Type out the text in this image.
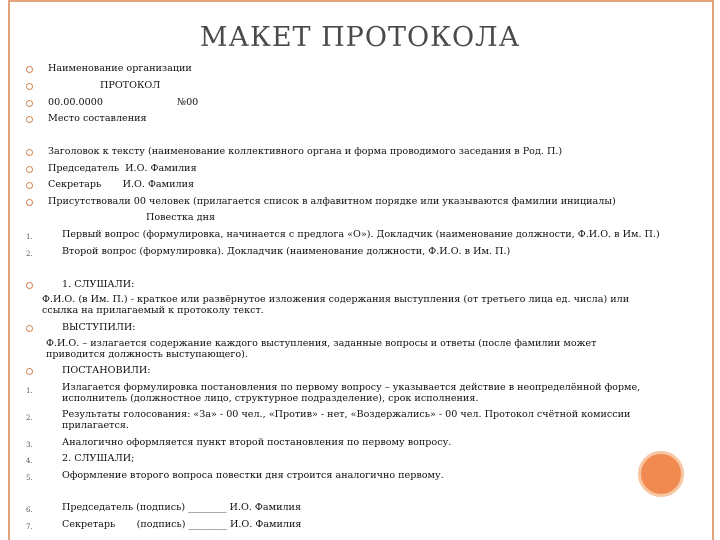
МАКЕТ ПРОТОКОЛА
Наименование организации
ПРОТОКОЛ
00.00.0000	№00
Место составления
Заголовок к тексту (наименование коллективного органа и форма проводимого заседания в Род. П.)
Председатель  И.О. Фамилия
Секретарь       И.О. Фамилия
Присутствовали 00 человек (прилагается список в алфавитном порядке или указываются фамилии инициалы)
Повестка дня
1.	Первый вопрос (формулировка, начинается с предлога «О»). Докладчик (наименование должности, Ф.И.О. в Им. П.)
2.	Второй вопрос (формулировка). Докладчик (наименование должности, Ф.И.О. в Им. П.)
1. СЛУШАЛИ:
Ф.И.О. (в Им. П.) - краткое или развёрнутое изложения содержания выступления (от третьего лица ед. числа) или ссылка на прилагаемый к протоколу текст.
ВЫСТУПИЛИ:
Ф.И.О. – излагается содержание каждого выступления, заданные вопросы и ответы (после фамилии может приводится должность выступающего).
ПОСТАНОВИЛИ:
1.	Излагается формулировка постановления по первому вопросу – указывается действие в неопределённой форме, исполнитель (должностное лицо, структурное подразделение), срок исполнения.
2.	Результаты голосования: «За» - 00 чел., «Против» - нет, «Воздержались» - 00 чел. Протокол счётной комиссии прилагается.
3.	Аналогично оформляется пункт второй постановления по первому вопросу.
4.	2. СЛУШАЛИ;
5.	Оформление второго вопроса повестки дня строится аналогично первому.
6.	Председатель (подпись) ________ И.О. Фамилия
7.	Секретарь       (подпись) ________ И.О. Фамилия
